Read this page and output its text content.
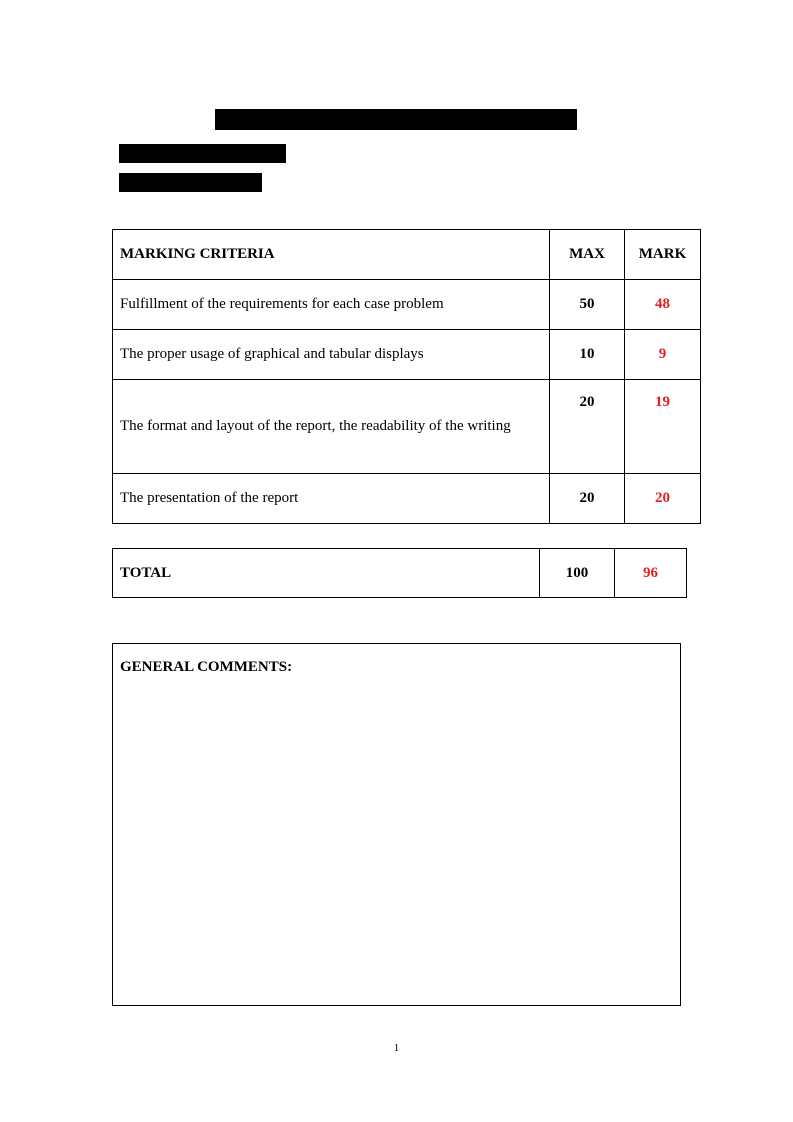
MARKING CRITERIA	MAX	MARK
Fulfillment of the requirements for each case problem	50	48
The proper usage of graphical and tabular displays	10	9
The format and layout of the report, the readability of the writing	20	19
The presentation of the report	20	20
TOTAL	100	96
GENERAL COMMENTS:
1
